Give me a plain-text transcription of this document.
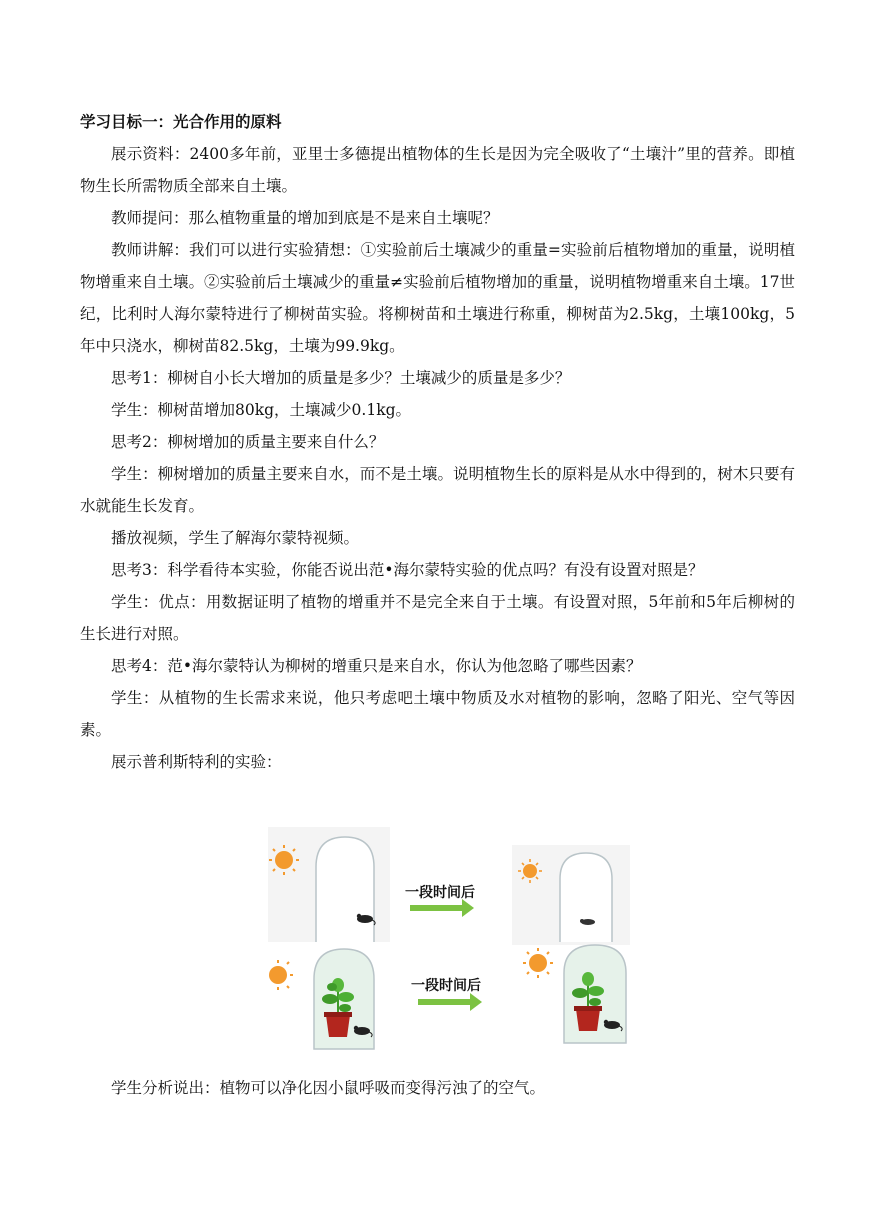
学习目标一：光合作用的原料

展示资料：2400多年前，亚里士多德提出植物体的生长是因为完全吸收了“土壤汁”里的营养。即植物生长所需物质全部来自土壤。

教师提问：那么植物重量的增加到底是不是来自土壤呢？

教师讲解：我们可以进行实验猜想：①实验前后土壤减少的重量=实验前后植物增加的重量，说明植物增重来自土壤。②实验前后土壤减少的重量≠实验前后植物增加的重量，说明植物增重来自土壤。17世纪，比利时人海尔蒙特进行了柳树苗实验。将柳树苗和土壤进行称重，柳树苗为2.5kg，土壤100kg，5年中只浇水，柳树苗82.5kg，土壤为99.9kg。

思考1：柳树自小长大增加的质量是多少？土壤减少的质量是多少？

学生：柳树苗增加80kg，土壤减少0.1kg。

思考2：柳树增加的质量主要来自什么？

学生：柳树增加的质量主要来自水，而不是土壤。说明植物生长的原料是从水中得到的，树木只要有水就能生长发育。

播放视频，学生了解海尔蒙特视频。

思考3：科学看待本实验，你能否说出范•海尔蒙特实验的优点吗？有没有设置对照是？

学生：优点：用数据证明了植物的增重并不是完全来自于土壤。有设置对照，5年前和5年后柳树的生长进行对照。

思考4：范•海尔蒙特认为柳树的增重只是来自水，你认为他忽略了哪些因素？

学生：从植物的生长需求来说，他只考虑吧土壤中物质及水对植物的影响，忽略了阳光、空气等因素。

展示普利斯特利的实验：

一段时间后
一段时间后

学生分析说出：植物可以净化因小鼠呼吸而变得污浊了的空气。
